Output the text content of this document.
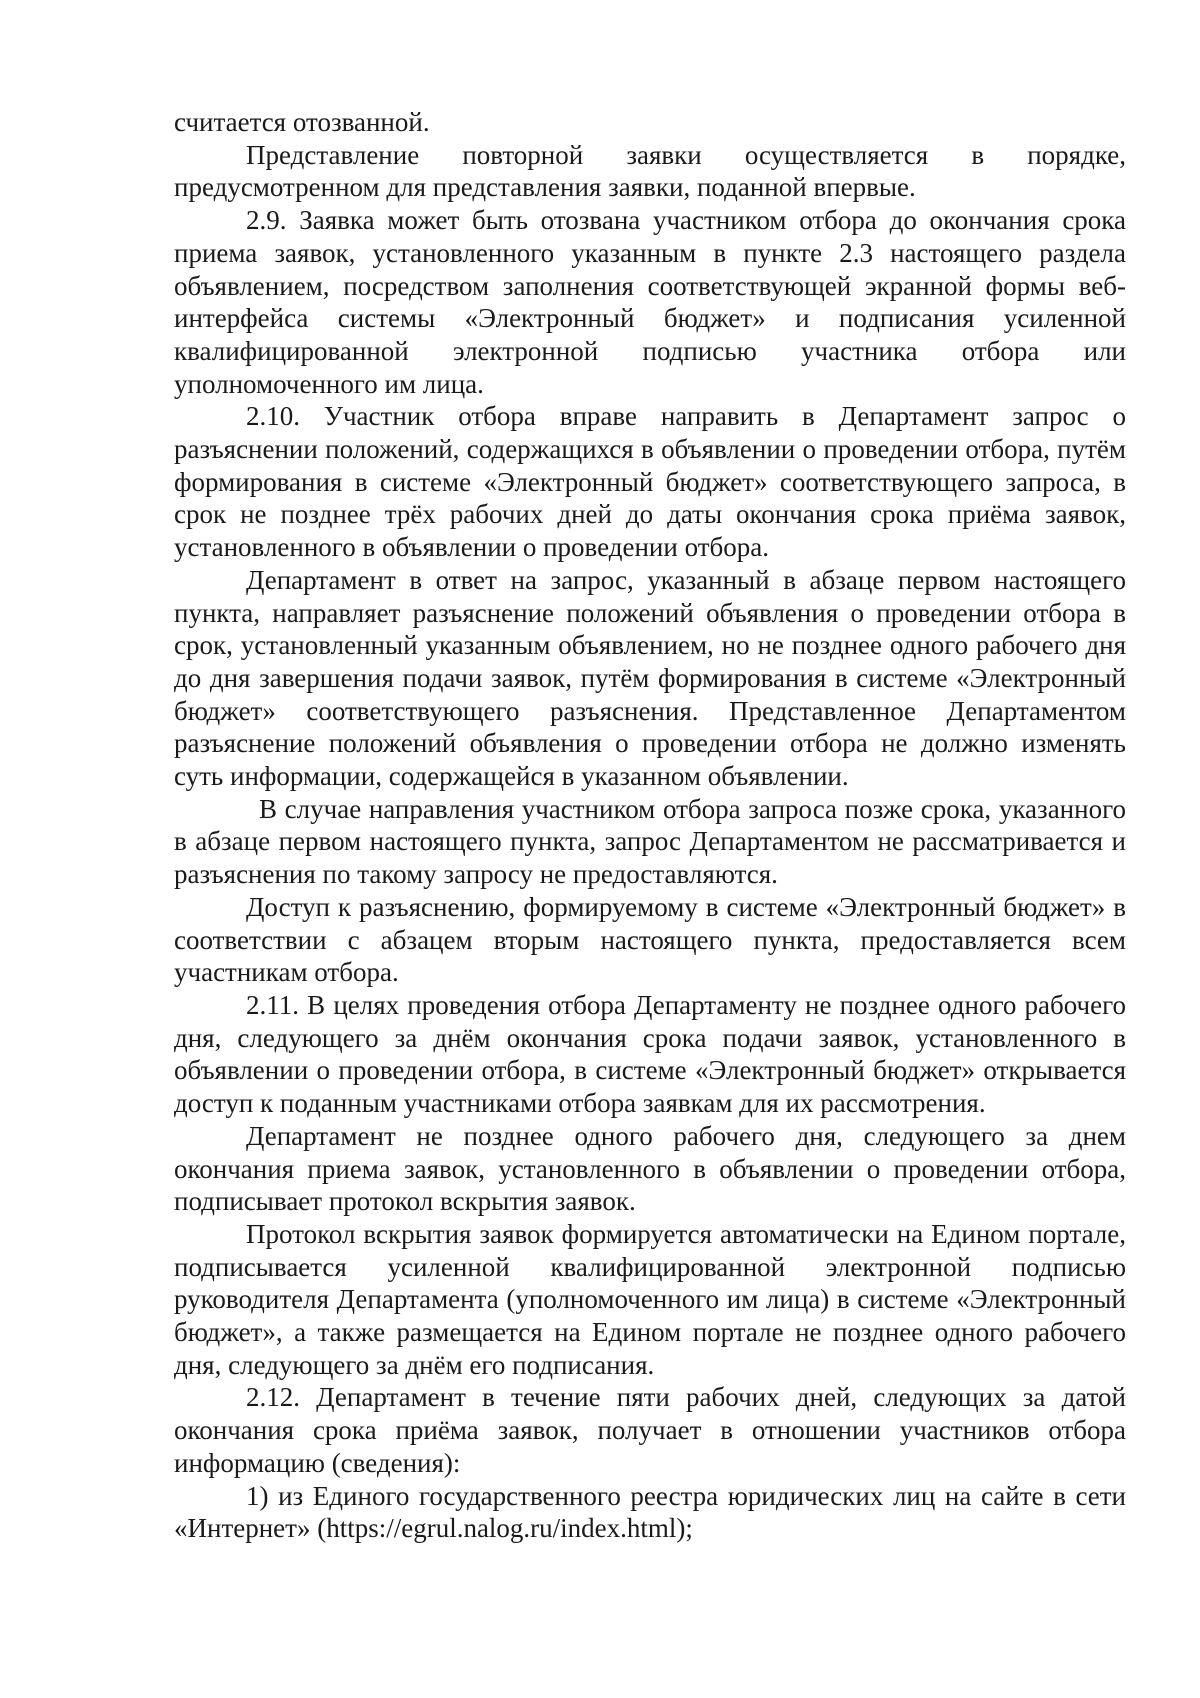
считается отозванной.

Представление повторной заявки осуществляется в порядке, предусмотренном для представления заявки, поданной впервые.

2.9. Заявка может быть отозвана участником отбора до окончания срока приема заявок, установленного указанным в пункте 2.3 настоящего раздела объявлением, посредством заполнения соответствующей экранной формы веб-интерфейса системы «Электронный бюджет» и подписания усиленной квалифицированной электронной подписью участника отбора или уполномоченного им лица.

2.10. Участник отбора вправе направить в Департамент запрос о разъяснении положений, содержащихся в объявлении о проведении отбора, путём формирования в системе «Электронный бюджет» соответствующего запроса, в срок не позднее трёх рабочих дней до даты окончания срока приёма заявок, установленного в объявлении о проведении отбора.

Департамент в ответ на запрос, указанный в абзаце первом настоящего пункта, направляет разъяснение положений объявления о проведении отбора в срок, установленный указанным объявлением, но не позднее одного рабочего дня до дня завершения подачи заявок, путём формирования в системе «Электронный бюджет» соответствующего разъяснения. Представленное Департаментом разъяснение положений объявления о проведении отбора не должно изменять суть информации, содержащейся в указанном объявлении.

В случае направления участником отбора запроса позже срока, указанного в абзаце первом настоящего пункта, запрос Департаментом не рассматривается и разъяснения по такому запросу не предоставляются.

Доступ к разъяснению, формируемому в системе «Электронный бюджет» в соответствии с абзацем вторым настоящего пункта, предоставляется всем участникам отбора.

2.11. В целях проведения отбора Департаменту не позднее одного рабочего дня, следующего за днём окончания срока подачи заявок, установленного в объявлении о проведении отбора, в системе «Электронный бюджет» открывается доступ к поданным участниками отбора заявкам для их рассмотрения.

Департамент не позднее одного рабочего дня, следующего за днем окончания приема заявок, установленного в объявлении о проведении отбора, подписывает протокол вскрытия заявок.

Протокол вскрытия заявок формируется автоматически на Едином портале, подписывается усиленной квалифицированной электронной подписью руководителя Департамента (уполномоченного им лица) в системе «Электронный бюджет», а также размещается на Едином портале не позднее одного рабочего дня, следующего за днём его подписания.

2.12. Департамент в течение пяти рабочих дней, следующих за датой окончания срока приёма заявок, получает в отношении участников отбора информацию (сведения):

1) из Единого государственного реестра юридических лиц на сайте в сети «Интернет» (https://egrul.nalog.ru/index.html);
